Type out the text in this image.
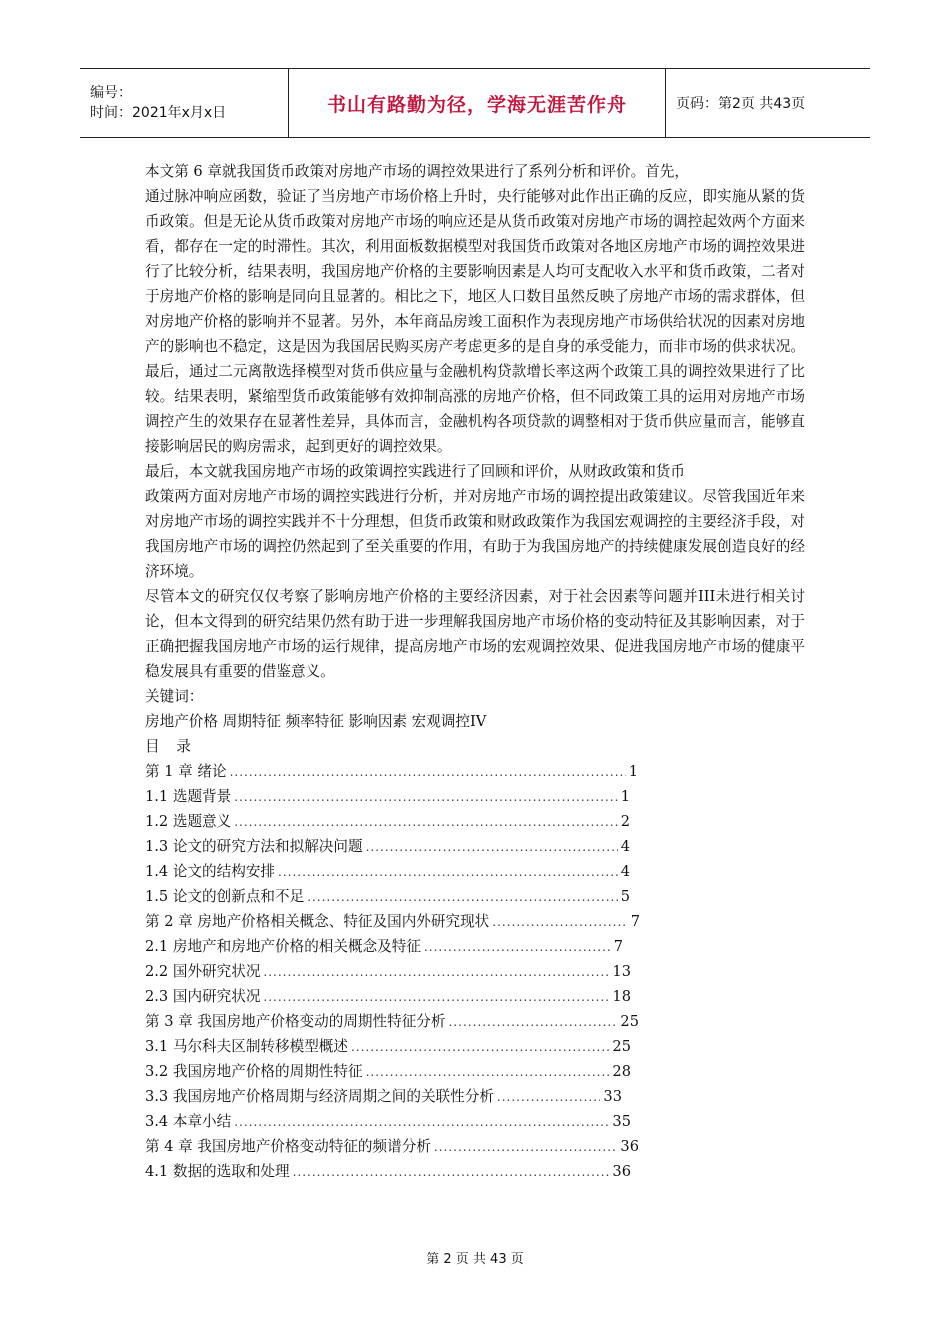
编号：
时间：2021年x月x日	书山有路勤为径，学海无涯苦作舟	页码：第2页 共43页

本文第 6 章就我国货币政策对房地产市场的调控效果进行了系列分析和评价。首先，

通过脉冲响应函数，验证了当房地产市场价格上升时，央行能够对此作出正确的反应，即实施从紧的货币政策。但是无论从货币政策对房地产市场的响应还是从货币政策对房地产市场的调控起效两个方面来看，都存在一定的时滞性。其次，利用面板数据模型对我国货币政策对各地区房地产市场的调控效果进行了比较分析，结果表明，我国房地产价格的主要影响因素是人均可支配收入水平和货币政策，二者对于房地产价格的影响是同向且显著的。相比之下，地区人口数目虽然反映了房地产市场的需求群体，但对房地产价格的影响并不显著。另外，本年商品房竣工面积作为表现房地产市场供给状况的因素对房地产的影响也不稳定，这是因为我国居民购买房产考虑更多的是自身的承受能力，而非市场的供求状况。最后，通过二元离散选择模型对货币供应量与金融机构贷款增长率这两个政策工具的调控效果进行了比较。结果表明，紧缩型货币政策能够有效抑制高涨的房地产价格，但不同政策工具的运用对房地产市场调控产生的效果存在显著性差异，具体而言，金融机构各项贷款的调整相对于货币供应量而言，能够直接影响居民的购房需求，起到更好的调控效果。

最后，本文就我国房地产市场的政策调控实践进行了回顾和评价，从财政政策和货币

政策两方面对房地产市场的调控实践进行分析，并对房地产市场的调控提出政策建议。尽管我国近年来对房地产市场的调控实践并不十分理想，但货币政策和财政政策作为我国宏观调控的主要经济手段，对我国房地产市场的调控仍然起到了至关重要的作用，有助于为我国房地产的持续健康发展创造良好的经济环境。

尽管本文的研究仅仅考察了影响房地产价格的主要经济因素，对于社会因素等问题并III未进行相关讨论，但本文得到的研究结果仍然有助于进一步理解我国房地产市场价格的变动特征及其影响因素，对于正确把握我国房地产市场的运行规律，提高房地产市场的宏观调控效果、促进我国房地产市场的健康平稳发展具有重要的借鉴意义。

关键词：
房地产价格 周期特征 频率特征 影响因素 宏观调控IV
目 录
第 1 章 绪论 .....	1
1.1 选题背景 .....	1
1.2 选题意义 .....	2
1.3 论文的研究方法和拟解决问题 .....	4
1.4 论文的结构安排 .....	4
1.5 论文的创新点和不足 .....	5
第 2 章 房地产价格相关概念、特征及国内外研究现状 .....	7
2.1 房地产和房地产价格的相关概念及特征 .....	7
2.2 国外研究状况 .....	13
2.3 国内研究状况 .....	18
第 3 章 我国房地产价格变动的周期性特征分析 .....	25
3.1 马尔科夫区制转移模型概述 .....	25
3.2 我国房地产价格的周期性特征 .....	28
3.3 我国房地产价格周期与经济周期之间的关联性分析 .....	33
3.4 本章小结 .....	35
第 4 章 我国房地产价格变动特征的频谱分析 .....	36
4.1 数据的选取和处理 .....	36
第 2 页 共 43 页
